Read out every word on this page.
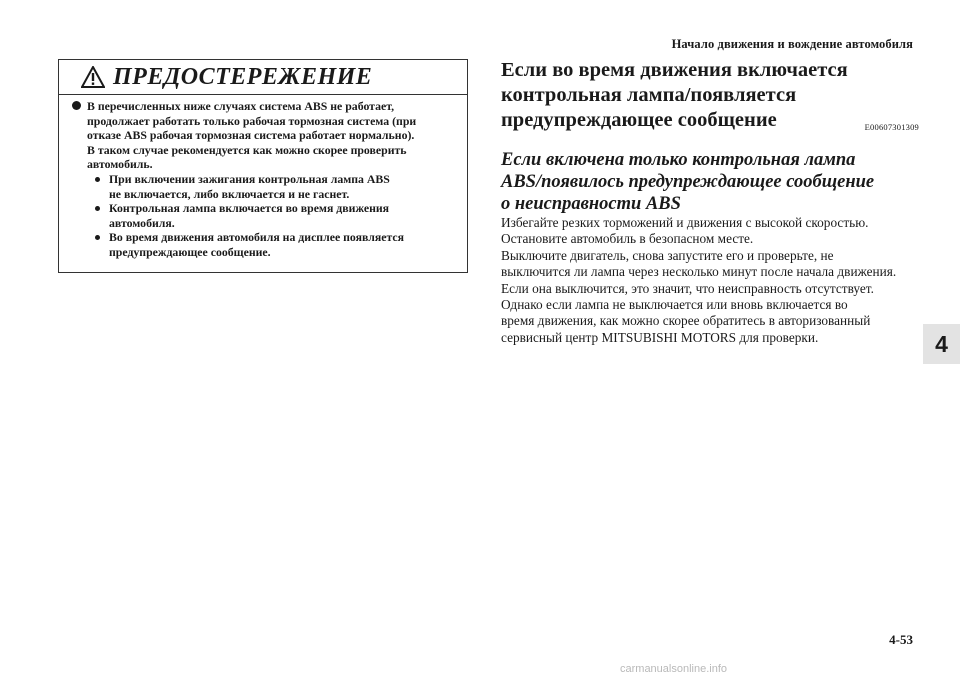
Начало движения и вождение автомобиля
ПРЕДОСТЕРЕЖЕНИЕ
В перечисленных ниже случаях система ABS не работает,
продолжает работать только рабочая тормозная система (при
отказе ABS рабочая тормозная система работает нормально).
В таком случае рекомендуется как можно скорее проверить
автомобиль.
При включении зажигания контрольная лампа ABS
не включается, либо включается и не гаснет.
Контрольная лампа включается во время движения
автомобиля.
Во время движения автомобиля на дисплее появляется
предупреждающее сообщение.
Если во время движения включается
контрольная лампа/появляется
предупреждающее сообщение	E00607301309
Если включена только контрольная лампа
ABS/появилось предупреждающее сообщение
о неисправности ABS
Избегайте резких торможений и движения с высокой скоростью.
Остановите автомобиль в безопасном месте.
Выключите двигатель, снова запустите его и проверьте, не
выключится ли лампа через несколько минут после начала движения.
Если она выключится, это значит, что неисправность отсутствует.
Однако если лампа не выключается или вновь включается во
время движения, как можно скорее обратитесь в авторизованный
сервисный центр MITSUBISHI MOTORS для проверки.	4
4-53
carmanualsonline.info
